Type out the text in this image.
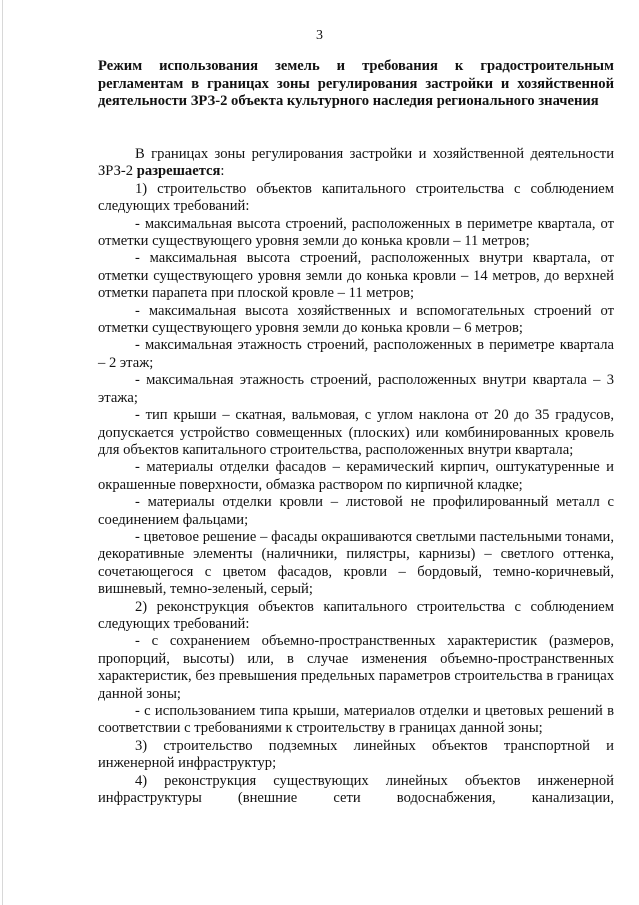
3
Режим использования земель и требования к градостроительным регламентам в границах зоны регулирования застройки и хозяйственной деятельности ЗРЗ-2 объекта культурного наследия регионального значения

В границах зоны регулирования застройки и хозяйственной деятельности ЗРЗ-2 разрешается:

1) строительство объектов капитального строительства с соблюдением следующих требований:

- максимальная высота строений, расположенных в периметре квартала, от отметки существующего уровня земли до конька кровли – 11 метров;

- максимальная высота строений, расположенных внутри квартала, от отметки существующего уровня земли до конька кровли – 14 метров, до верхней отметки парапета при плоской кровле – 11 метров;

- максимальная высота хозяйственных и вспомогательных строений от отметки существующего уровня земли до конька кровли – 6 метров;

- максимальная этажность строений, расположенных в периметре квартала – 2 этаж;

- максимальная этажность строений, расположенных внутри квартала – 3 этажа;

- тип крыши – скатная, вальмовая, с углом наклона от 20 до 35 градусов, допускается устройство совмещенных (плоских) или комбинированных кровель для объектов капитального строительства, расположенных внутри квартала;

- материалы отделки фасадов – керамический кирпич, оштукатуренные и окрашенные поверхности, обмазка раствором по кирпичной кладке;

- материалы отделки кровли – листовой не профилированный металл с соединением фальцами;

- цветовое решение – фасады окрашиваются светлыми пастельными тонами, декоративные элементы (наличники, пилястры, карнизы) – светлого оттенка, сочетающегося с цветом фасадов, кровли – бордовый, темно-коричневый, вишневый, темно-зеленый, серый;

2) реконструкция объектов капитального строительства с соблюдением следующих требований:

- с сохранением объемно-пространственных характеристик (размеров, пропорций, высоты) или, в случае изменения объемно-пространственных характеристик, без превышения предельных параметров строительства в границах данной зоны;

- с использованием типа крыши, материалов отделки и цветовых решений в соответствии с требованиями к строительству в границах данной зоны;

3) строительство подземных линейных объектов транспортной и инженерной инфраструктур;

4) реконструкция существующих линейных объектов инженерной инфраструктуры (внешние сети водоснабжения, канализации,
